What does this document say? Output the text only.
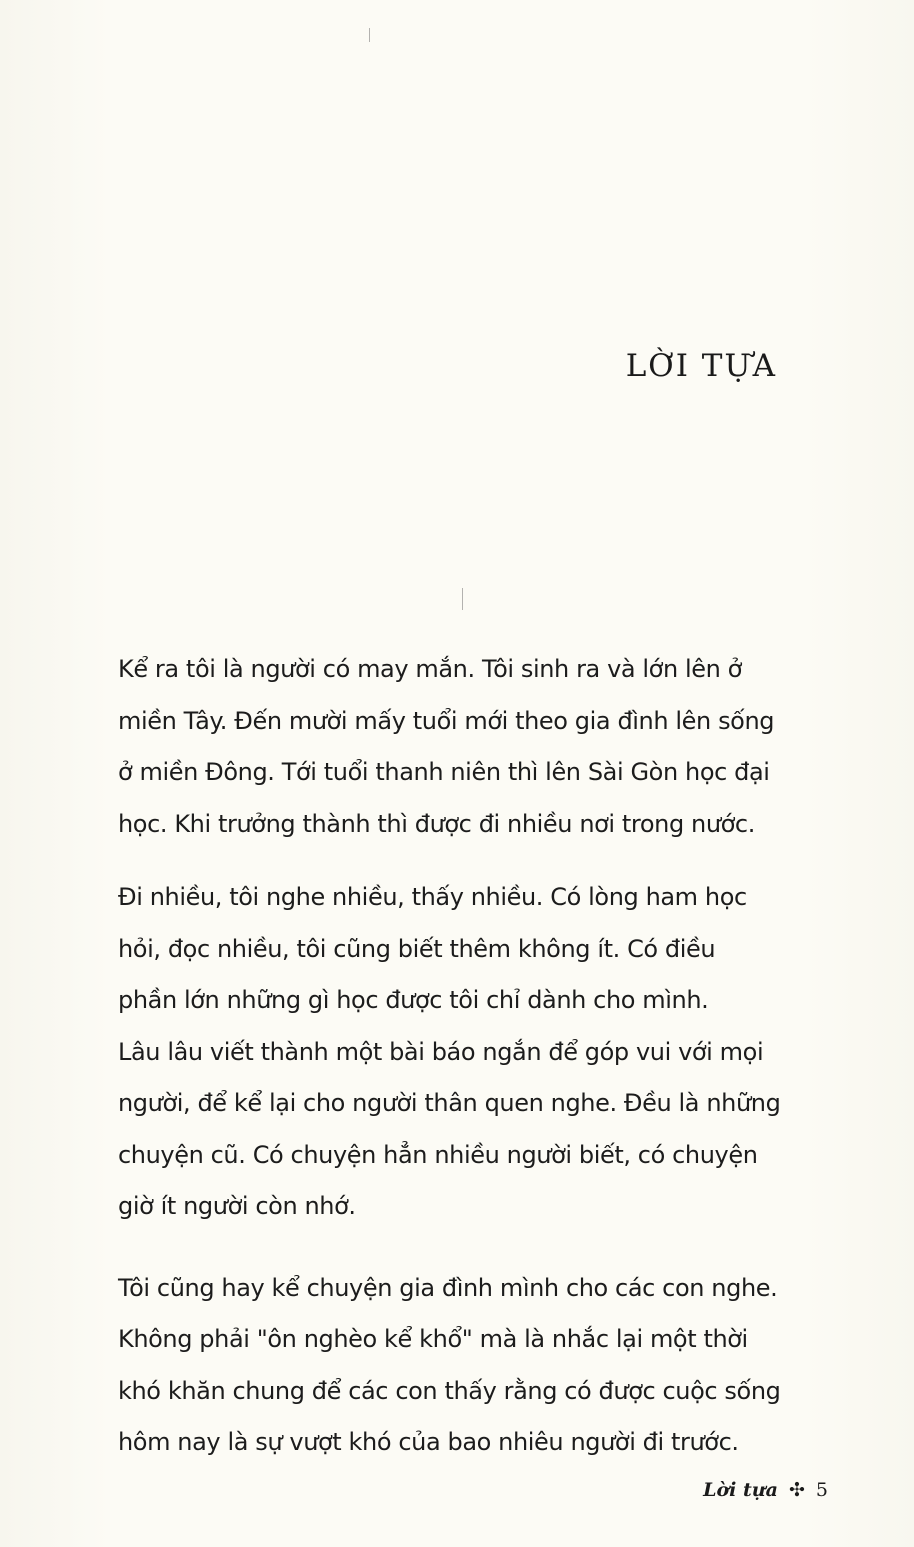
LỜI TỰA

Kể ra tôi là người có may mắn. Tôi sinh ra và lớn lên ở
miền Tây. Đến mười mấy tuổi mới theo gia đình lên sống
ở miền Đông. Tới tuổi thanh niên thì lên Sài Gòn học đại
học. Khi trưởng thành thì được đi nhiều nơi trong nước.

Đi nhiều, tôi nghe nhiều, thấy nhiều. Có lòng ham học
hỏi, đọc nhiều, tôi cũng biết thêm không ít. Có điều
phần lớn những gì học được tôi chỉ dành cho mình.
Lâu lâu viết thành một bài báo ngắn để góp vui với mọi
người, để kể lại cho người thân quen nghe. Đều là những
chuyện cũ. Có chuyện hẳn nhiều người biết, có chuyện
giờ ít người còn nhớ.

Tôi cũng hay kể chuyện gia đình mình cho các con nghe.
Không phải "ôn nghèo kể khổ" mà là nhắc lại một thời
khó khăn chung để các con thấy rằng có được cuộc sống
hôm nay là sự vượt khó của bao nhiêu người đi trước.

Lời tựa ✣ 5
